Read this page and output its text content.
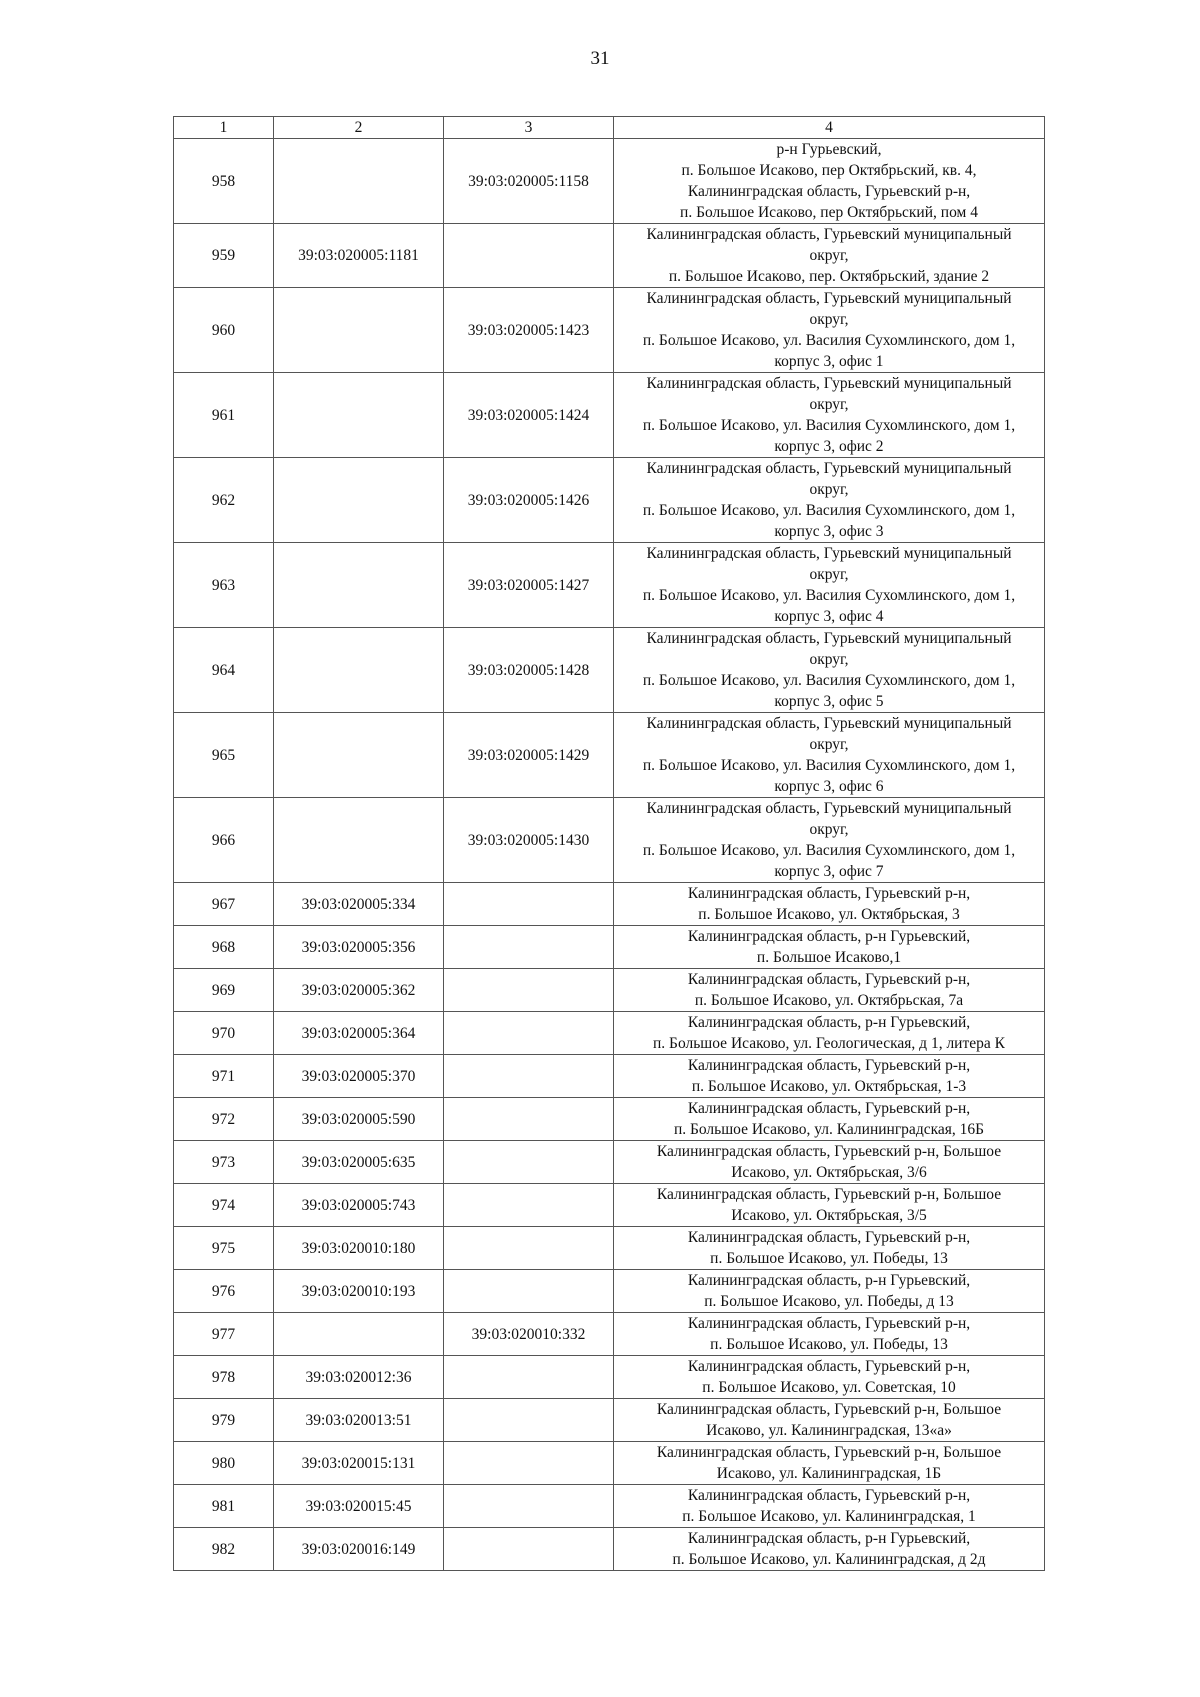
31
1	2	3	4
958		39:03:020005:1158	р-н Гурьевский,
п. Большое Исаково, пер Октябрьский, кв. 4,
Калининградская область, Гурьевский р-н,
п. Большое Исаково, пер Октябрьский, пом 4

959	39:03:020005:1181		Калининградская область, Гурьевский муниципальный
округ,
п. Большое Исаково, пер. Октябрьский, здание 2

960		39:03:020005:1423	Калининградская область, Гурьевский муниципальный
округ,
п. Большое Исаково, ул. Василия Сухомлинского, дом 1,
корпус 3, офис 1

961		39:03:020005:1424	Калининградская область, Гурьевский муниципальный
округ,
п. Большое Исаково, ул. Василия Сухомлинского, дом 1,
корпус 3, офис 2

962		39:03:020005:1426	Калининградская область, Гурьевский муниципальный
округ,
п. Большое Исаково, ул. Василия Сухомлинского, дом 1,
корпус 3, офис 3

963		39:03:020005:1427	Калининградская область, Гурьевский муниципальный
округ,
п. Большое Исаково, ул. Василия Сухомлинского, дом 1,
корпус 3, офис 4

964		39:03:020005:1428	Калининградская область, Гурьевский муниципальный
округ,
п. Большое Исаково, ул. Василия Сухомлинского, дом 1,
корпус 3, офис 5

965		39:03:020005:1429	Калининградская область, Гурьевский муниципальный
округ,
п. Большое Исаково, ул. Василия Сухомлинского, дом 1,
корпус 3, офис 6

966		39:03:020005:1430	Калининградская область, Гурьевский муниципальный
округ,
п. Большое Исаково, ул. Василия Сухомлинского, дом 1,
корпус 3, офис 7

967	39:03:020005:334		Калининградская область, Гурьевский р-н,
п. Большое Исаково, ул. Октябрьская, 3

968	39:03:020005:356		Калининградская область, р-н Гурьевский,
п. Большое Исаково,1

969	39:03:020005:362		Калининградская область, Гурьевский р-н,
п. Большое Исаково, ул. Октябрьская, 7а

970	39:03:020005:364		Калининградская область, р-н Гурьевский,
п. Большое Исаково, ул. Геологическая, д 1, литера К

971	39:03:020005:370		Калининградская область, Гурьевский р-н,
п. Большое Исаково, ул. Октябрьская, 1-3

972	39:03:020005:590		Калининградская область, Гурьевский р-н,
п. Большое Исаково, ул. Калининградская, 16Б

973	39:03:020005:635		Калининградская область, Гурьевский р-н, Большое
Исаково, ул. Октябрьская, 3/6

974	39:03:020005:743		Калининградская область, Гурьевский р-н, Большое
Исаково, ул. Октябрьская, 3/5

975	39:03:020010:180		Калининградская область, Гурьевский р-н,
п. Большое Исаково, ул. Победы, 13

976	39:03:020010:193		Калининградская область, р-н Гурьевский,
п. Большое Исаково, ул. Победы, д 13

977		39:03:020010:332	Калининградская область, Гурьевский р-н,
п. Большое Исаково, ул. Победы, 13

978	39:03:020012:36		Калининградская область, Гурьевский р-н,
п. Большое Исаково, ул. Советская, 10

979	39:03:020013:51		Калининградская область, Гурьевский р-н, Большое
Исаково, ул. Калининградская, 13«а»

980	39:03:020015:131		Калининградская область, Гурьевский р-н, Большое
Исаково, ул. Калининградская, 1Б

981	39:03:020015:45		Калининградская область, Гурьевский р-н,
п. Большое Исаково, ул. Калининградская, 1

982	39:03:020016:149		Калининградская область, р-н Гурьевский,
п. Большое Исаково, ул. Калининградская, д 2д
